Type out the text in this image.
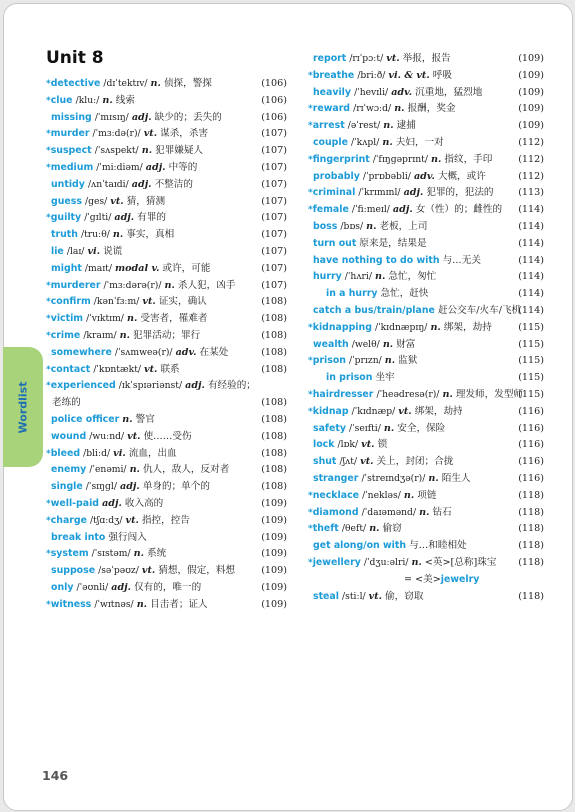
Unit 8
*detective /dɪˈtektɪv/ n. 侦探，警探	(106)
*clue /kluː/ n. 线索	(106)
missing /ˈmɪsɪŋ/ adj. 缺少的；丢失的	(106)
*murder /ˈmɜːdə(r)/ vt. 谋杀，杀害	(107)
*suspect /ˈsʌspekt/ n. 犯罪嫌疑人	(107)
*medium /ˈmiːdiəm/ adj. 中等的	(107)
untidy /ʌnˈtaɪdi/ adj. 不整洁的	(107)
guess /ges/ vt. 猜，猜测	(107)
*guilty /ˈgɪlti/ adj. 有罪的	(107)
truth /truːθ/ n. 事实，真相	(107)
lie /laɪ/ vi. 说谎	(107)
might /maɪt/ modal v. 或许，可能	(107)
*murderer /ˈmɜːdərə(r)/ n. 杀人犯，凶手	(107)
*confirm /kənˈfɜːm/ vt. 证实，确认	(108)
*victim /ˈvɪktɪm/ n. 受害者，罹难者	(108)
*crime /kraɪm/ n. 犯罪活动；罪行	(108)
somewhere /ˈsʌmweə(r)/ adv. 在某处	(108)
*contact /ˈkɒntækt/ vt. 联系	(108)
*experienced /ɪkˈspɪəriənst/ adj. 有经验的；
老练的	(108)
police officer n. 警官	(108)
wound /wuːnd/ vt. 使……受伤	(108)
*bleed /bliːd/ vi. 流血，出血	(108)
enemy /ˈenəmi/ n. 仇人，敌人，反对者	(108)
single /ˈsɪŋgl/ adj. 单身的；单个的	(108)
*well-paid adj. 收入高的	(109)
*charge /tʃɑːdʒ/ vt. 指控，控告	(109)
break into 强行闯入	(109)
*system /ˈsɪstəm/ n. 系统	(109)
suppose /səˈpəʊz/ vt. 猜想，假定，料想	(109)
only /ˈəʊnli/ adj. 仅有的，唯一的	(109)
*witness /ˈwɪtnəs/ n. 目击者；证人	(109)
report /rɪˈpɔːt/ vt. 举报，报告	(109)
*breathe /briːð/ vi. & vt. 呼吸	(109)
heavily /ˈhevɪli/ adv. 沉重地，猛烈地	(109)
*reward /rɪˈwɔːd/ n. 报酬，奖金	(109)
*arrest /əˈrest/ n. 逮捕	(109)
couple /ˈkʌpl/ n. 夫妇，一对	(112)
*fingerprint /ˈfɪŋgəprɪnt/ n. 指纹，手印	(112)
probably /ˈprɒbəbli/ adv. 大概，或许	(112)
*criminal /ˈkrɪmɪnl/ adj. 犯罪的，犯法的	(113)
*female /ˈfiːmeɪl/ adj. 女（性）的；雌性的 (114)
boss /bɒs/ n. 老板，上司	(114)
turn out 原来是，结果是	(114)
have nothing to do with 与…无关	(114)
hurry /ˈhʌri/ n. 急忙，匆忙	(114)
in a hurry 急忙，赶快	(114)
catch a bus/train/plane 赶公交车/火车/飞机
(114)
*kidnapping /ˈkɪdnæpɪŋ/ n. 绑架，劫持	(115)
wealth /welθ/ n. 财富	(115)
*prison /ˈprɪzn/ n. 监狱	(115)
in prison 坐牢	(115)
*hairdresser /ˈheədresə(r)/ n. 理发师，发型师
(115)
*kidnap /ˈkɪdnæp/ vt. 绑架，劫持	(116)
safety /ˈseɪfti/ n. 安全，保险	(116)
lock /lɒk/ vt. 锁	(116)
shut /ʃʌt/ vt. 关上，封闭；合拢	(116)
stranger /ˈstreɪndʒə(r)/ n. 陌生人	(116)
*necklace /ˈnekləs/ n. 项链	(118)
*diamond /ˈdaɪəmənd/ n. 钻石	(118)
*theft /θeft/ n. 偷窃	(118)
get along/on with 与…和睦相处	(118)
*jewellery /ˈdʒuːəlri/ n. <英>[总称]珠宝 (118)
= <美>jewelry
steal /stiːl/ vt. 偷，窃取	(118)
146
Wordlist
